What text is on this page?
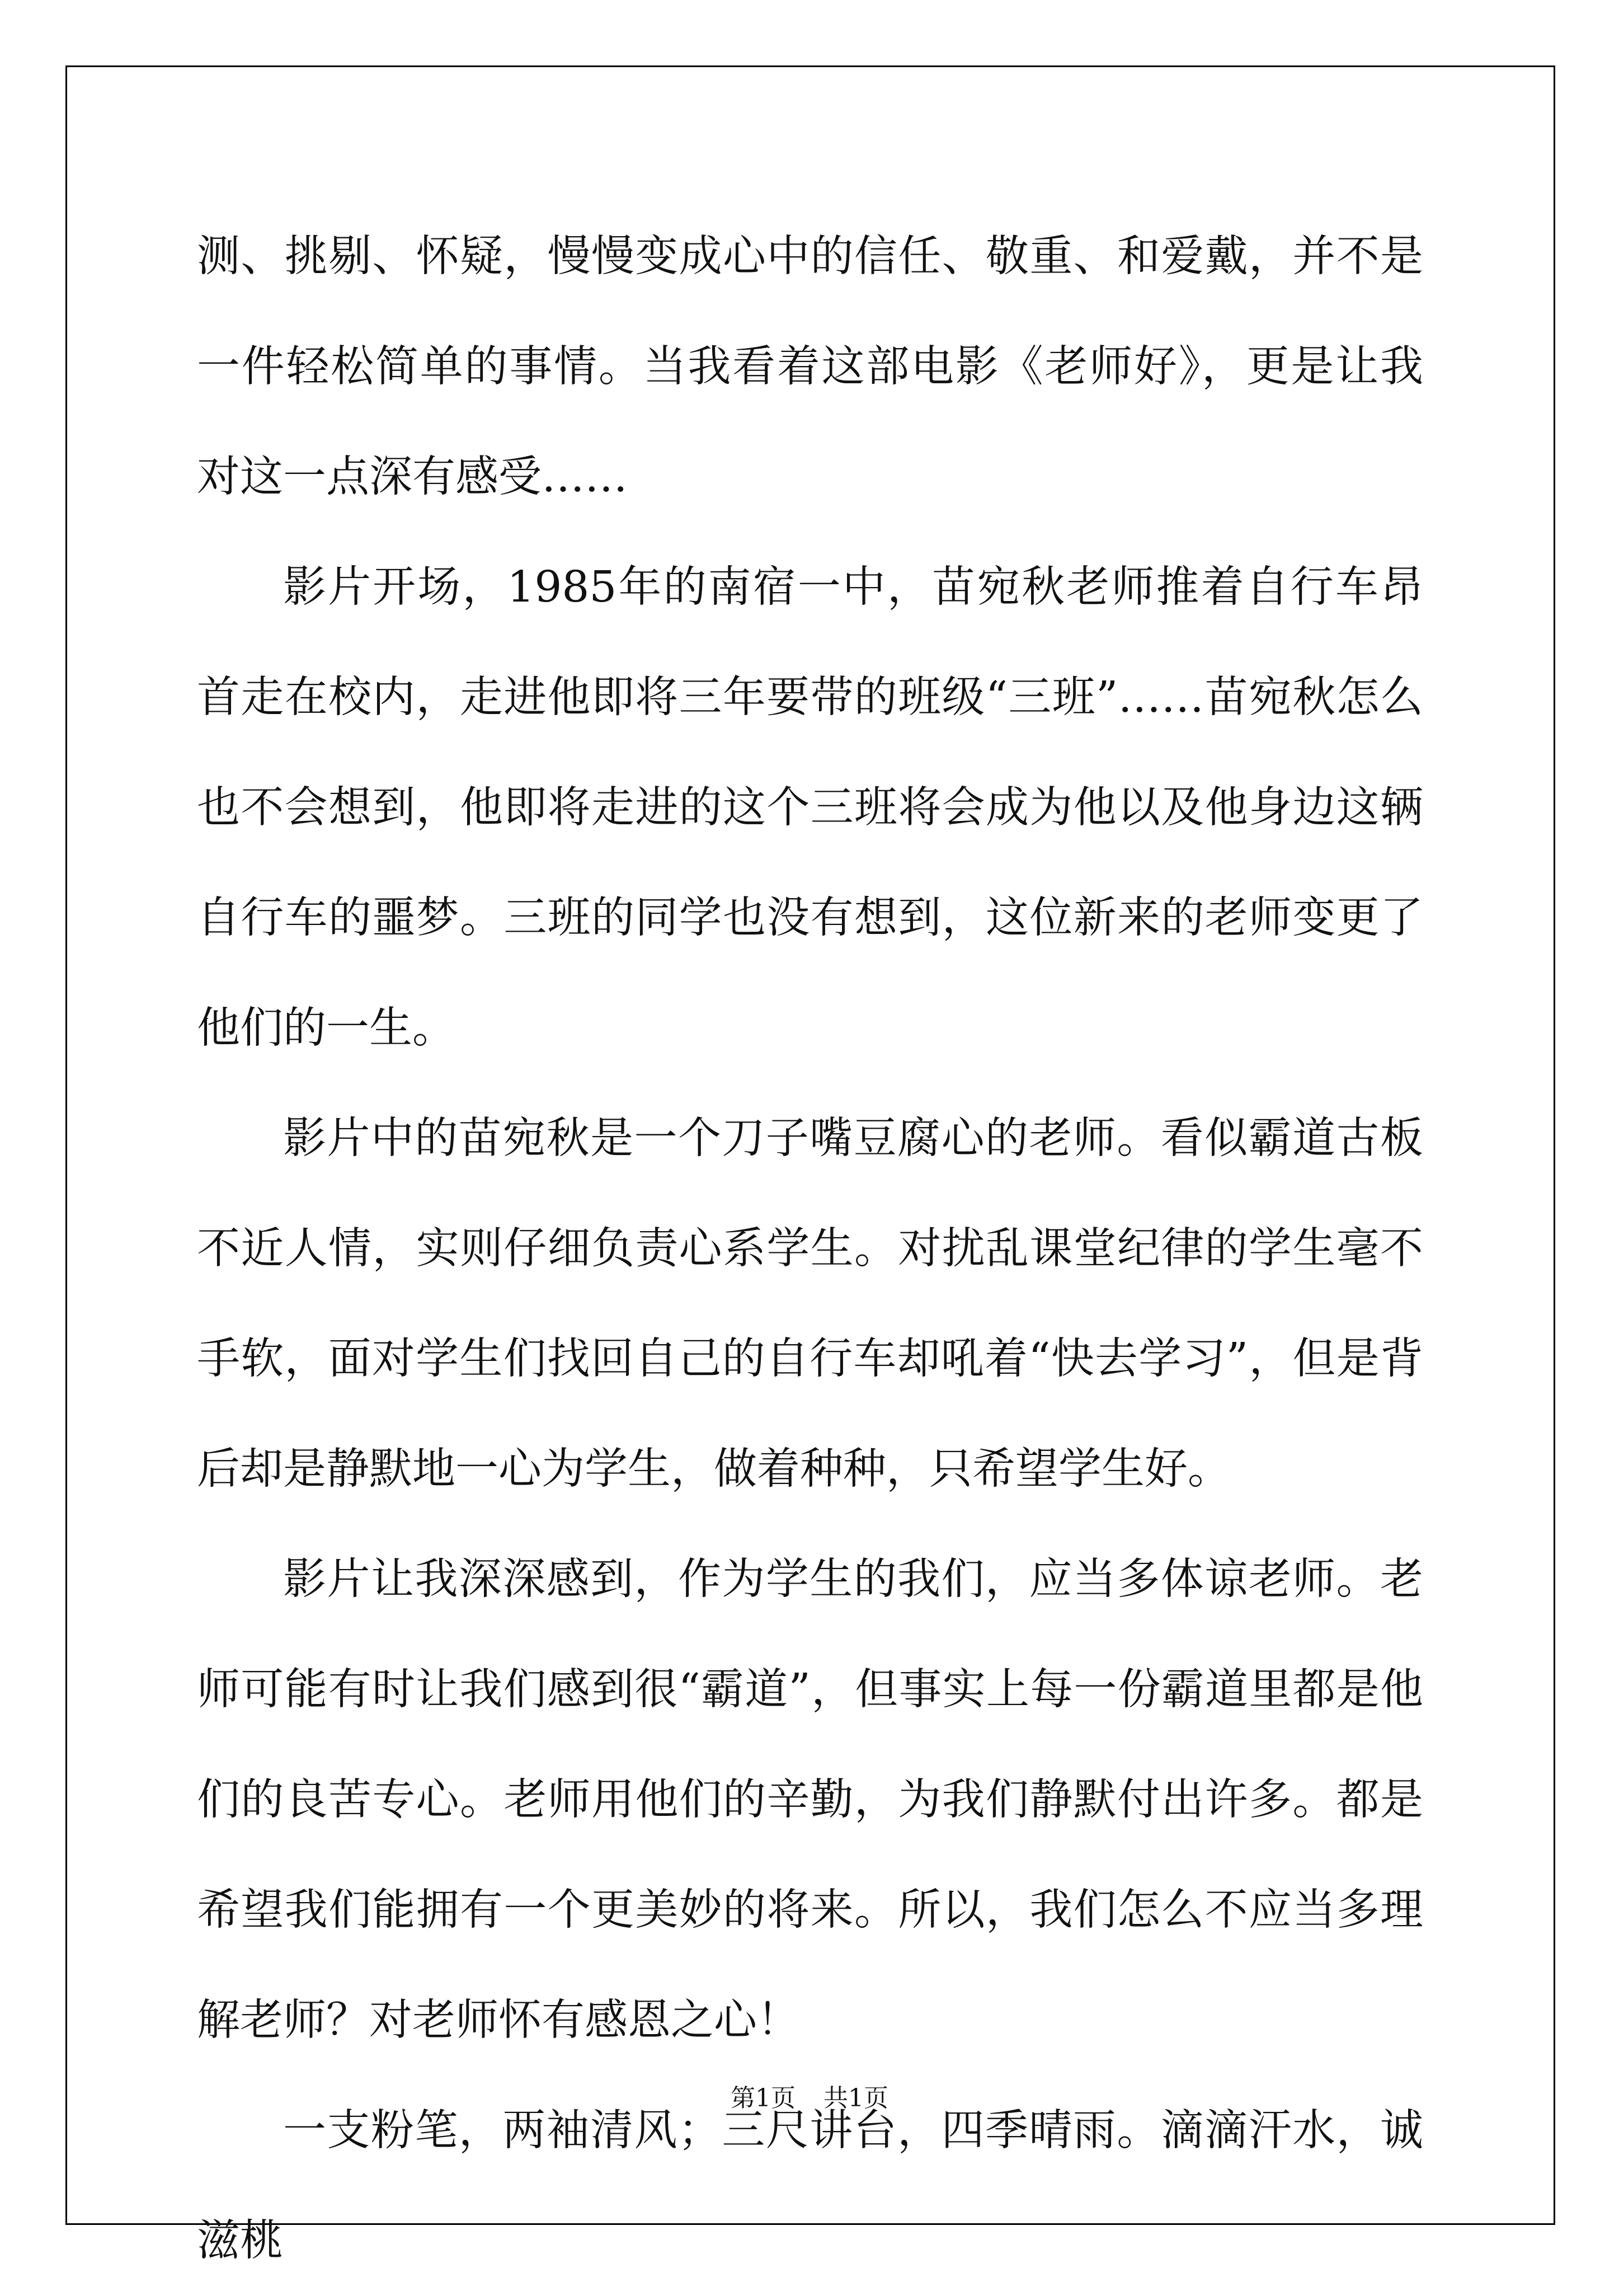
测、挑剔、怀疑，慢慢变成心中的信任、敬重、和爱戴，并不是一件轻松简单的事情。当我看着这部电影《老师好》，更是让我对这一点深有感受……

影片开场，1985年的南宿一中，苗宛秋老师推着自行车昂首走在校内，走进他即将三年要带的班级“三班”……苗宛秋怎么也不会想到，他即将走进的这个三班将会成为他以及他身边这辆自行车的噩梦。三班的同学也没有想到，这位新来的老师变更了他们的一生。

影片中的苗宛秋是一个刀子嘴豆腐心的老师。看似霸道古板不近人情，实则仔细负责心系学生。对扰乱课堂纪律的学生毫不手软，面对学生们找回自己的自行车却吼着“快去学习”，但是背后却是静默地一心为学生，做着种种，只希望学生好。

影片让我深深感到，作为学生的我们，应当多体谅老师。老师可能有时让我们感到很“霸道”，但事实上每一份霸道里都是他们的良苦专心。老师用他们的辛勤，为我们静默付出许多。都是希望我们能拥有一个更美妙的将来。所以，我们怎么不应当多理解老师？对老师怀有感恩之心！

一支粉笔，两袖清风；三尺讲台，四季晴雨。滴滴汗水，诚滋桃

第1页 共1页
